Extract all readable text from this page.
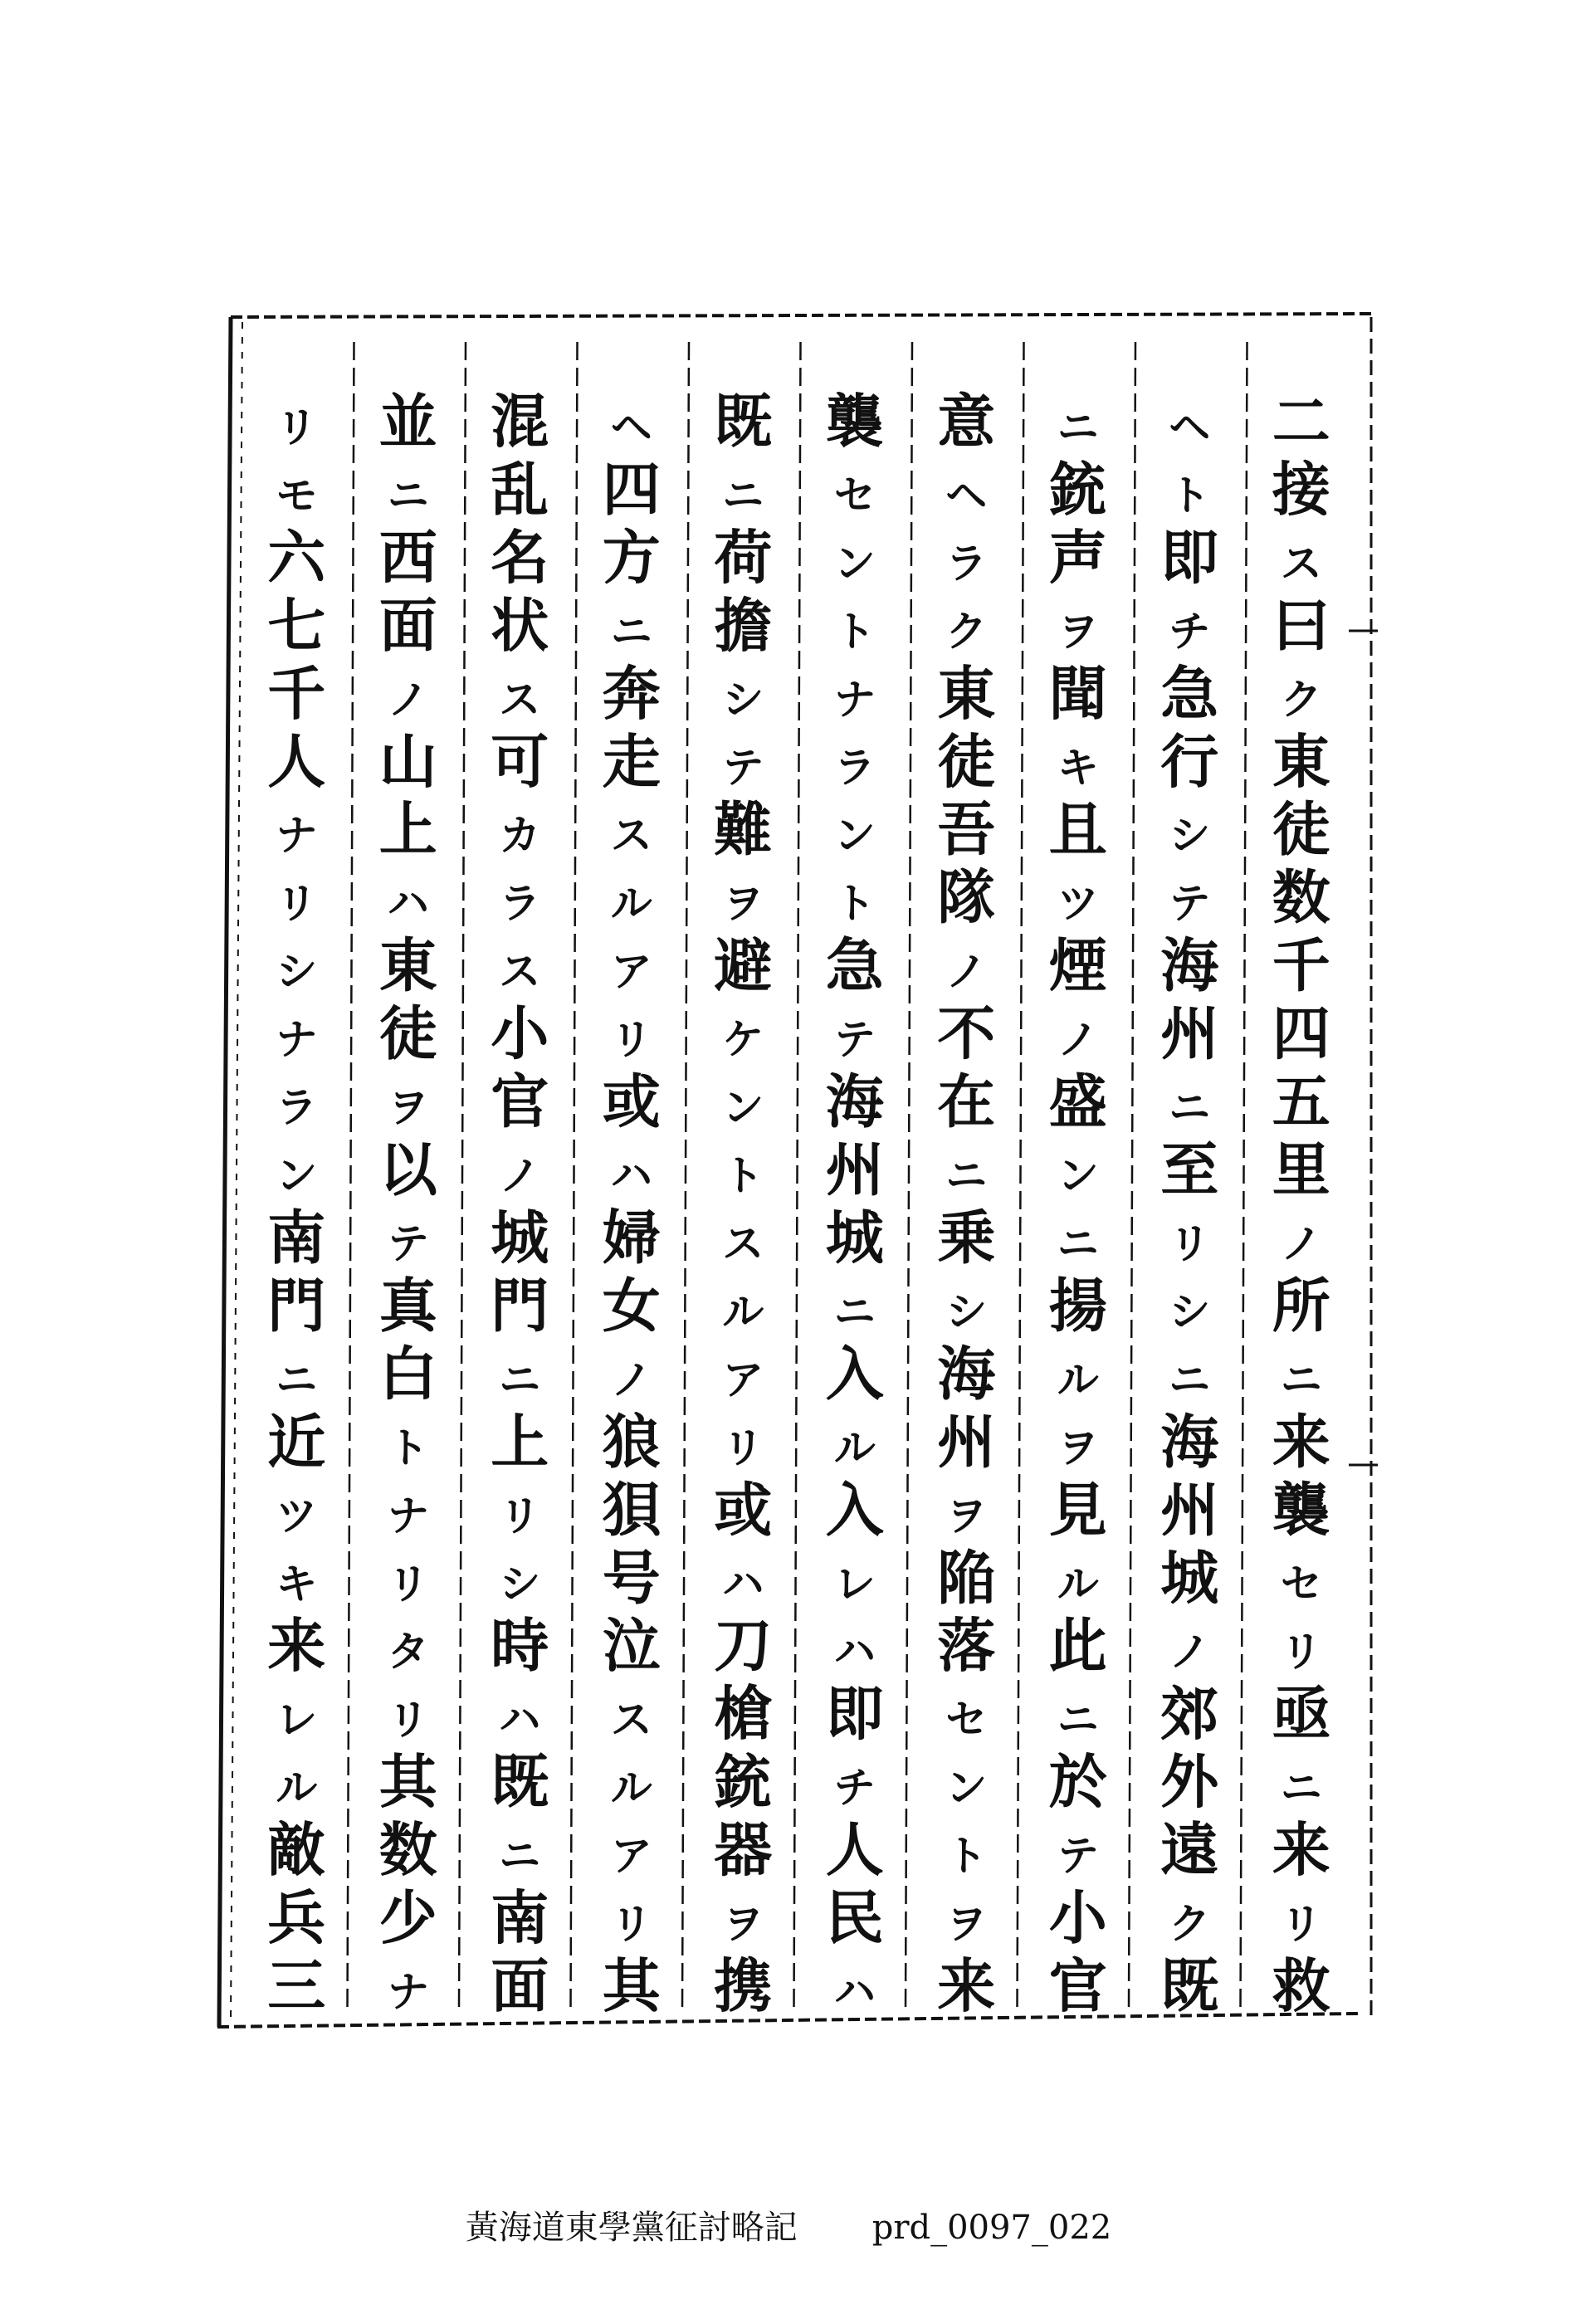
二
接
ス
曰
ク
東
徒
数
千
四
五
里
ノ
所
ニ
来
襲
セ
リ
亟
ニ
来
リ
救
ヘ
ト
即
チ
急
行
シ
テ
海
州
ニ
至
リ
シ
ニ
海
州
城
ノ
郊
外
遠
ク
既
ニ
銃
声
ヲ
聞
キ
且
ツ
煙
ノ
盛
ン
ニ
揚
ル
ヲ
見
ル
此
ニ
於
テ
小
官
意
ヘ
ラ
ク
東
徒
吾
隊
ノ
不
在
ニ
乗
シ
海
州
ヲ
陥
落
セ
ン
ト
ヲ
来
襲
セ
ン
ト
ナ
ラ
ン
ト
急
テ
海
州
城
ニ
入
ル
入
レ
ハ
即
チ
人
民
ハ
既
ニ
荷
擔
シ
テ
難
ヲ
避
ケ
ン
ト
ス
ル
ア
リ
或
ハ
刀
槍
銃
器
ヲ
携
ヘ
四
方
ニ
奔
走
ス
ル
ア
リ
或
ハ
婦
女
ノ
狼
狽
号
泣
ス
ル
ア
リ
其
混
乱
名
状
ス
可
カ
ラ
ス
小
官
ノ
城
門
ニ
上
リ
シ
時
ハ
既
ニ
南
面
並
ニ
西
面
ノ
山
上
ハ
東
徒
ヲ
以
テ
真
白
ト
ナ
リ
タ
リ
其
数
少
ナ
リ
モ
六
七
千
人
ナ
リ
シ
ナ
ラ
ン
南
門
ニ
近
ツ
キ
来
レ
ル
敵
兵
三
黃海道東學黨征討略記 prd_0097_022
